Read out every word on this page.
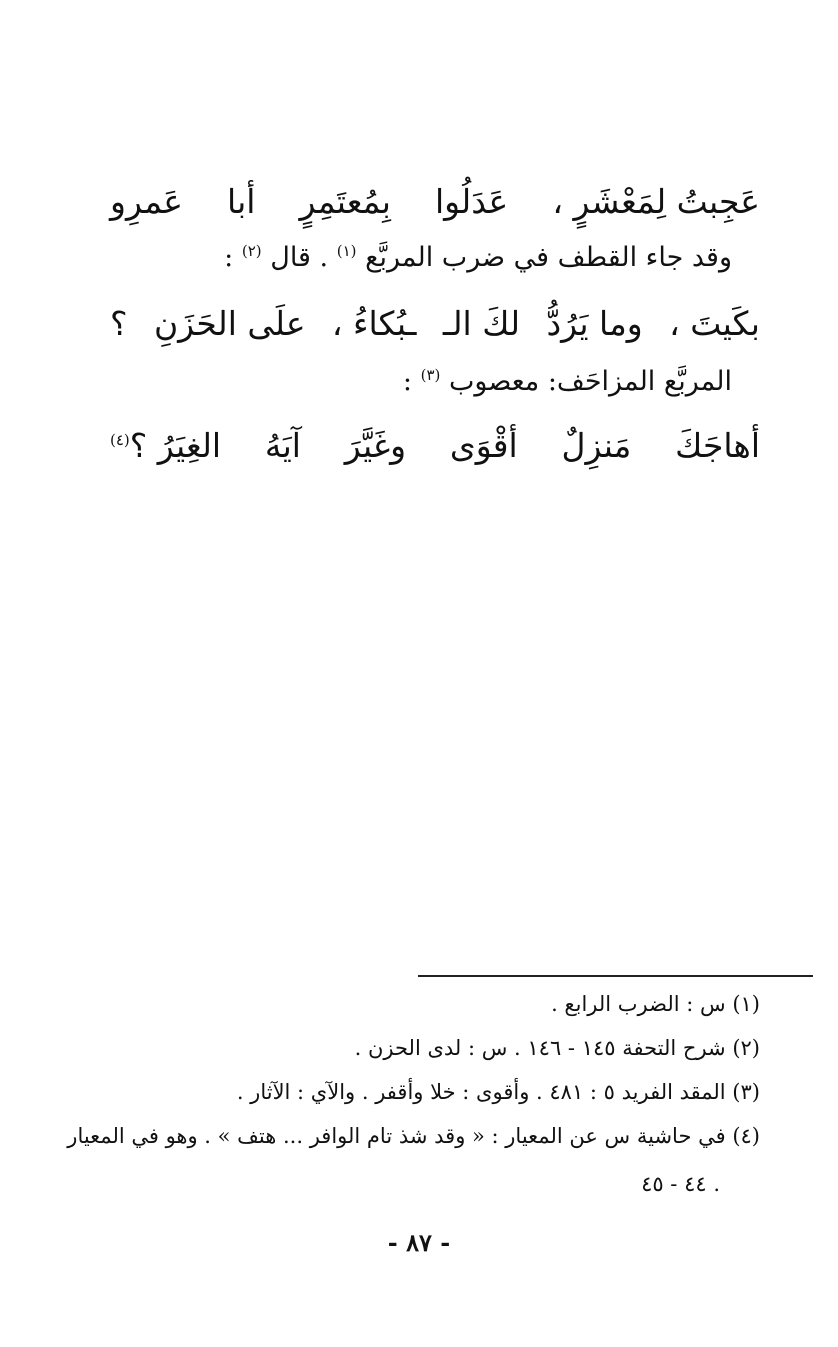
عَجِبتُ لِمَعْشَرٍ ،
عَدَلُوا
بِمُعتَمِرٍ
أبا
عَمرِو
وقد جاء القطف في ضرب المربَّع $^{(١)}$ . قال $^{(٢)}$ :
بكَيتَ ،
وما يَرُدُّ
لكَ الـ
ـبُكاءُ ،
علَى الحَزَنِ
؟
المربَّع المزاحَف: معصوب $^{(٣)}$ :
أهاجَكَ
مَنزِلٌ
أقْوَى
وغَيَّرَ
آيَهُ
الغِيَرُ ؟$^{(٤)}$
(١) س : الضرب الرابع .
(٢) شرح التحفة ١٤٥ - ١٤٦ . س : لدى الحزن .
(٣) المقد الفريد ٥ : ٤٨١ . وأقوى : خلا وأقفر . والآي : الآثار .
(٤) في حاشية س عن المعيار : « وقد شذ تام الوافر ... هتف » . وهو في المعيار
٤٤ - ٤٥ .
- ٨٧ -
